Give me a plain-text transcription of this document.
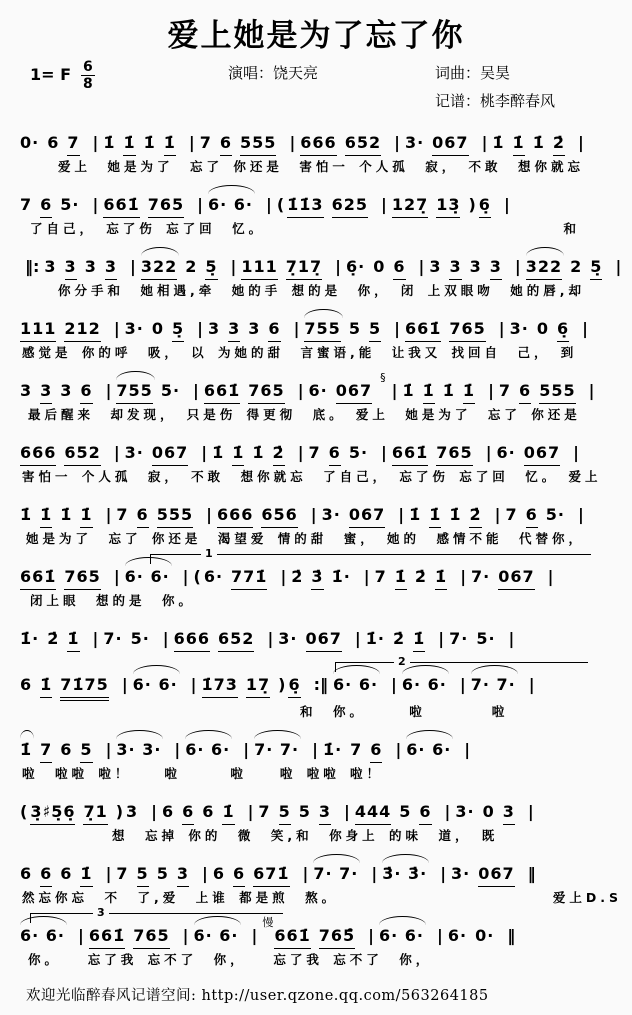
爱上她是为了忘了你
1= F $\frac{6}{8}$	演唱：饶天亮	词曲：吴昊
记谱：桃李醉春风
0· 6 7 | 1̇ 1̇ 1̇ 1̇ | 7 6 555 | 666 652 | 3· 067 | 1̇ 1̇ 1̇ 2̇ |
爱上　她是为了　忘了 你还是　害怕一 个人孤　寂，　不敢　想你就忘
7 6 5· | 661̇ 765 | 6· 6· | ( 1̇1̇3 625 | 127̣ 13̣ ) 6̣ |
和
了自己，　忘了伤 忘了回　忆。
‖: 3 3 3 3 | 322 2 5̣ | 111 7̣17̣ | 6̣· 0 6 | 3 3 3 3 | 322 2 5̣ |
你分手和　她相遇,牵　她的手 想的是　你，　闭 上双眼吻　她的唇,却
111 212 | 3· 0 5̣ | 3 3 3 6 | 755 5 5 | 661̇ 765 | 3· 0 6̣ |
感觉是 你的呼　吸，　以 为她的甜　言蜜语,能　让我又 找回自　己，　到
3 3 3 6 | 755 5· | 661̇ 765 | 6· 067§| 1̇ 1̇ 1̇ 1̇ | 7 6 555 |
最后醒来　却发现，　只是伤 得更彻　底。　爱上　她是为了　忘了 你还是
666 652 | 3· 067 | 1̇ 1̇ 1̇ 2̇ | 7 6 5· | 661̇ 765 | 6· 067 |
害怕一 个人孤　寂，　不敢　想你就忘　了自己，　忘了伤 忘了回　忆。　爱上
1̇ 1̇ 1̇ 1̇ | 7 6 555 | 666 656 | 3· 067 | 1̇ 1̇ 1̇ 2̇ | 7 6 5· |
她是为了　忘了 你还是　渴望爱 情的甜　蜜，　她的　感情不能　代替你，
1
661̇ 765 | 6· 6· | ( 6· 771̇ | 2̇ 3̇ 1̇· | 7 1̇ 2̇ 1̇ | 7· 067 |
闭上眼　想的是　你。
1̇· 2̇ 1̇ | 7· 5· | 666 652 | 3· 067 | 1̇· 2̇ 1̇ | 7· 5· |
2
6 1̇ 71̇75 | 6· 6· | 1̇73 17̣ ) 6̣ :‖ 6· 6· | 6· 6· | 7· 7· |
和　你。　　　啦　　　　啦
1̇ 7 6 5 | 3· 3· | 6· 6· | 7· 7· | 1̇· 7 6 | 6· 6· |
啦　啦啦 啦！　　啦　　　啦　　啦 啦啦 啦！
( 3̣♯5̣6̣ 7̣1 ) 3 | 6 6 6 1̇ | 7 5 5 3 | 444 5 6 | 3· 0 3 |
想　忘掉 你的　微　笑,和　你身上 的味　道，　既
6 6 6 1̇ | 7 5 5 3 | 6 6 671̇ | 7· 7· | 3̇· 3̇· | 3· 067 ‖
爱上D.S
然忘你忘　不　了,爱　上谁 都是煎　熬。
3
6· 6· | 661̇ 765 | 6· 6· |慢661̇ 765̑ | 6· 6· | 6· 0· ‖
你。　　忘了我 忘不了　你，　　忘了我 忘不了　你，
欢迎光临醉春风记谱空间: http://user.qzone.qq.com/563264185
